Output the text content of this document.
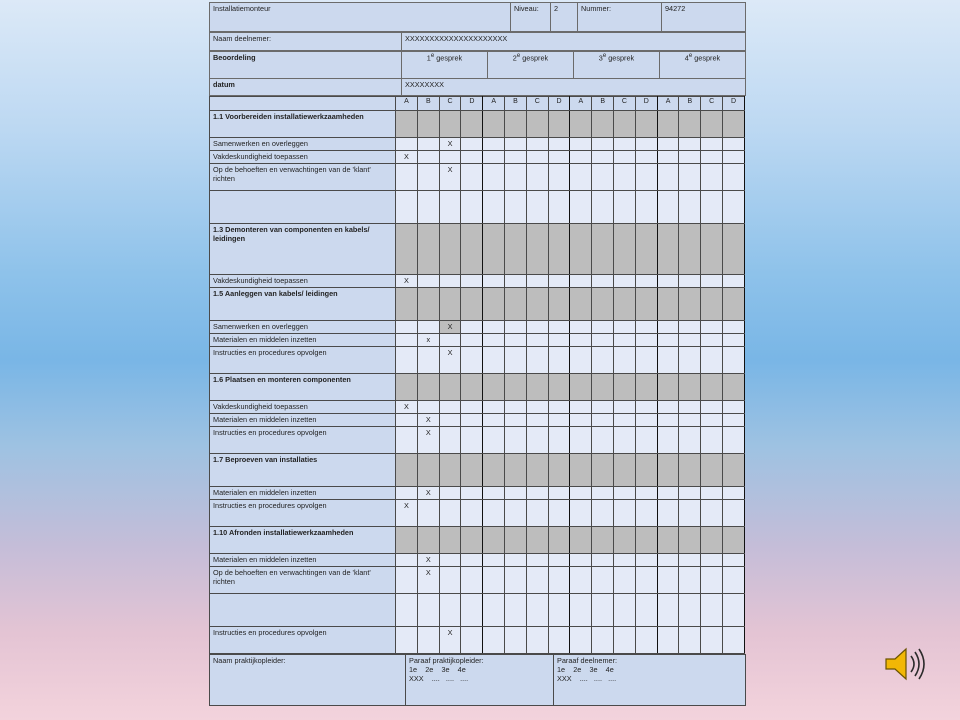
Installatiemonteur	Niveau:	2	Nummer:	94272
Naam deelnemer:	XXXXXXXXXXXXXXXXXXXXX
Beoordeling	1e gesprek	2e gesprek	3e gesprek	4e gesprek
datum	XXXXXXXX			
	A	B	C	D	A	B	C	D	A	B	C	D	A	B	C	D
1.1 Voorbereiden installatiewerkzaamheden																
Samenwerken en overleggen			X													
Vakdeskundigheid toepassen	X															
Op de behoeften en verwachtingen van de 'klant' richten			X													

1.3 Demonteren van componenten en kabels/ leidingen																
Vakdeskundigheid toepassen	X															
1.5 Aanleggen van kabels/ leidingen																
Samenwerken en overleggen			X													
Materialen en middelen inzetten		x														
Instructies en procedures opvolgen			X													
1.6 Plaatsen en monteren componenten																
Vakdeskundigheid toepassen	X															
Materialen en middelen inzetten		X														
Instructies en procedures opvolgen		X														
1.7 Beproeven van installaties																
Materialen en middelen inzetten		X														
Instructies en procedures opvolgen	X															
1.10 Afronden installatiewerkzaamheden																
Materialen en middelen inzetten		X														
Op de behoeften en verwachtingen van de 'klant' richten		X														

Instructies en procedures opvolgen			X													
Naam praktijkopleider:	Paraaf praktijkopleider:
1e    2e    3e    4e
XXX    ....   ....   ....

Paraaf deelnemer:
1e    2e    3e    4e
XXX    ....   ....   ....
